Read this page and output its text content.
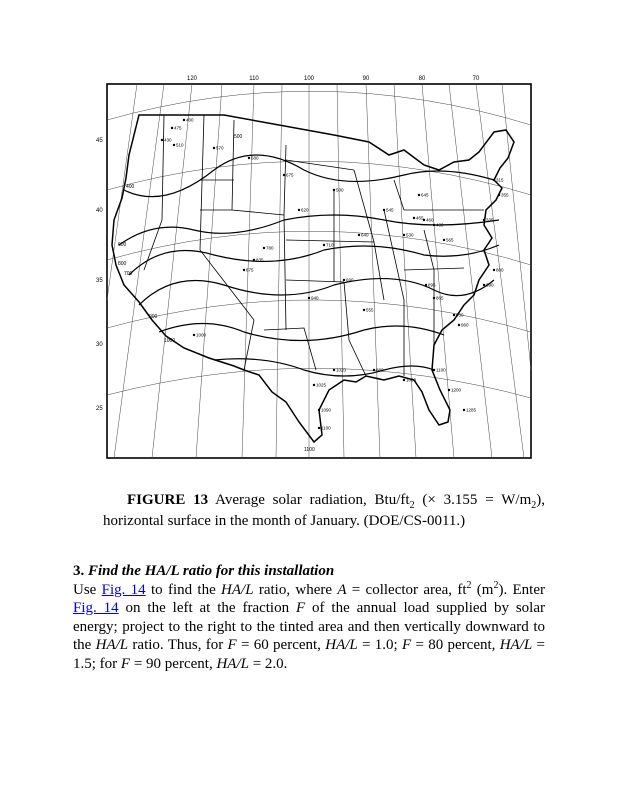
120	110	100	90	80	70
45
40
35
30
25
400
500
600
700
800
900
1000
1100
400
475
430
510
570
580
675
620
500
545
460
430
530
565
640
690
710
780
835
875
940
1020
1100
1000
960
930
865
895
1025
1090	1285
1200
880
1000
1100
800
690
555
645
465	335
315
355
FIGURE 13 Average solar radiation, Btu/$ft_2$ (× $3.155 = W/m_2$), horizontal surface in the month of January. (DOE/CS-0011.)
3. Find the HA/L ratio for this installation
Use Fig. 14 to find the HA/L ratio, where A = collector area, $ft^2$ $(m^2)$. Enter Fig. 14 on the left at the fraction F of the annual load supplied by solar energy; project to the right to the tinted area and then vertically downward to the HA/L ratio. Thus, for F = 60 percent, HA/L = 1.0; F = 80 percent, HA/L = 1.5; for F = 90 percent, HA/L = 2.0.
